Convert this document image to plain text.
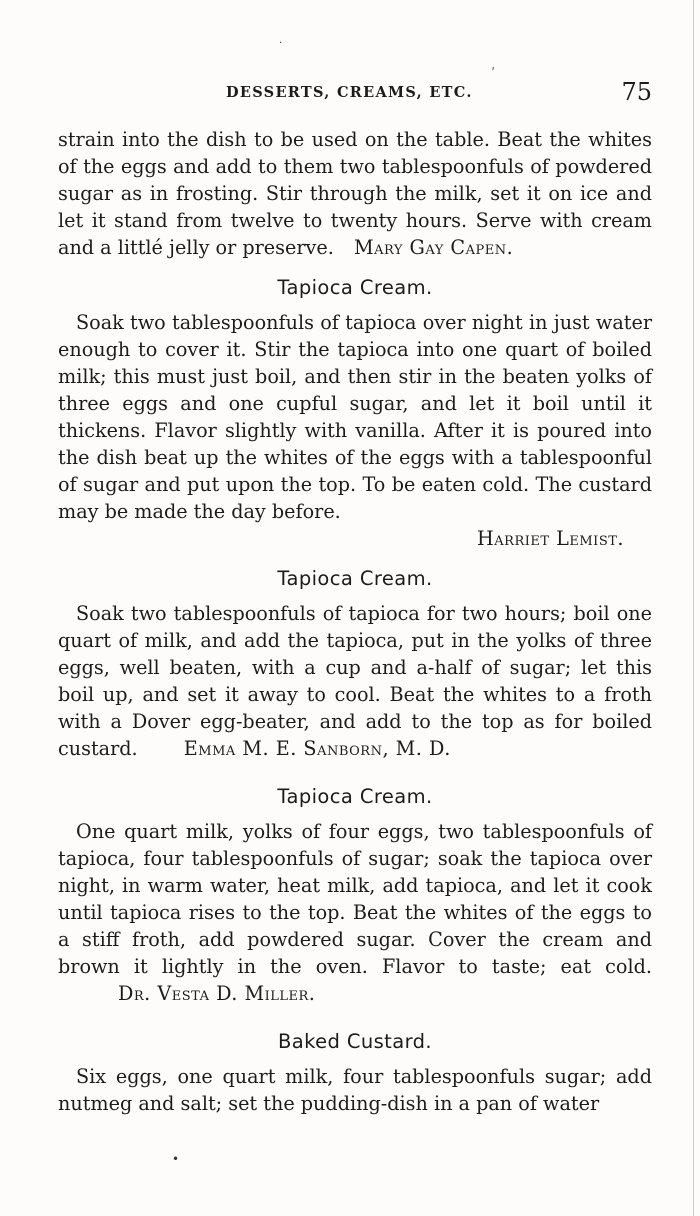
·
´
•
DESSERTS, CREAMS, ETC.	75

strain into the dish to be used on the table. Beat the whites of the eggs and add to them two tablespoonfuls of powdered sugar as in frosting. Stir through the milk, set it on ice and let it stand from twelve to twenty hours. Serve with cream and a littlé jelly or preserve. Mary Gay Capen.

Tapioca Cream.

Soak two tablespoonfuls of tapioca over night in just water enough to cover it. Stir the tapioca into one quart of boiled milk; this must just boil, and then stir in the beaten yolks of three eggs and one cupful sugar, and let it boil until it thickens. Flavor slightly with vanilla. After it is poured into the dish beat up the whites of the eggs with a tablespoonful of sugar and put upon the top. To be eaten cold. The custard may be made the day before.

Harriet Lemist.
Tapioca Cream.

Soak two tablespoonfuls of tapioca for two hours; boil one quart of milk, and add the tapioca, put in the yolks of three eggs, well beaten, with a cup and a-half of sugar; let this boil up, and set it away to cool. Beat the whites to a froth with a Dover egg-beater, and add to the top as for boiled custard. Emma M. E. Sanborn, M. D.

Tapioca Cream.

One quart milk, yolks of four eggs, two tablespoonfuls of tapioca, four tablespoonfuls of sugar; soak the tapioca over night, in warm water, heat milk, add tapioca, and let it cook until tapioca rises to the top. Beat the whites of the eggs to a stiff froth, add powdered sugar. Cover the cream and brown it lightly in the oven. Flavor to taste; eat cold. Dr. Vesta D. Miller.

Baked Custard.

Six eggs, one quart milk, four tablespoonfuls sugar; add nutmeg and salt; set the pudding-dish in a pan of water
